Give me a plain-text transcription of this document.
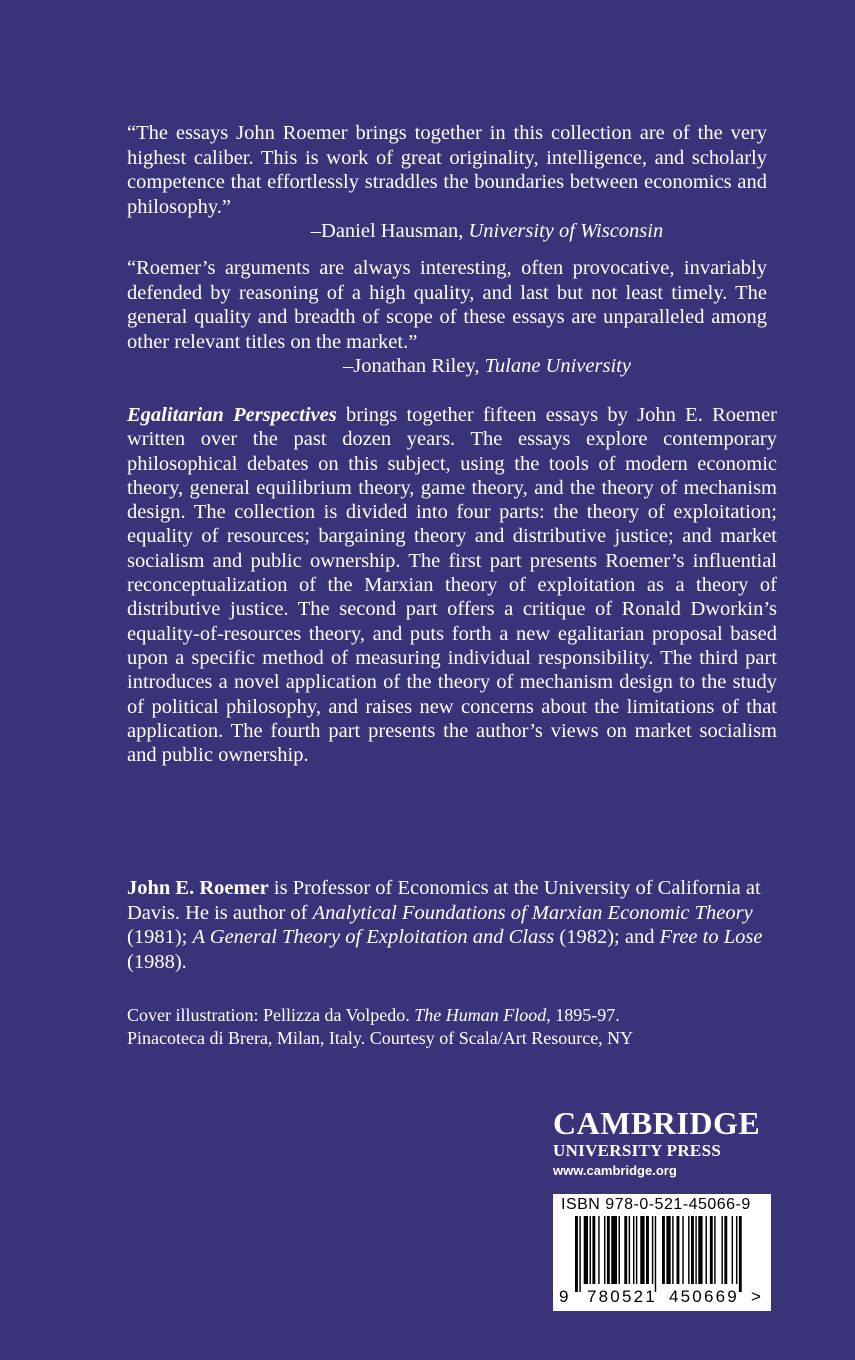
“The essays John Roemer brings together in this collection are of the very highest caliber. This is work of great originality, intelligence, and scholarly competence that effortlessly straddles the boundaries between economics and philosophy.”
–Daniel Hausman, University of Wisconsin
“Roemer’s arguments are always interesting, often provocative, invariably defended by reasoning of a high quality, and last but not least timely. The general quality and breadth of scope of these essays are unparalleled among other relevant titles on the market.”
–Jonathan Riley, Tulane University
Egalitarian Perspectives brings together fifteen essays by John E. Roemer written over the past dozen years. The essays explore contemporary philosophical debates on this subject, using the tools of modern economic theory, general equilibrium theory, game theory, and the theory of mechanism design. The collection is divided into four parts: the theory of exploitation; equality of resources; bargaining theory and distributive justice; and market socialism and public ownership. The first part presents Roemer’s influential reconceptualization of the Marxian theory of exploitation as a theory of distributive justice. The second part offers a critique of Ronald Dworkin’s equality-of-resources theory, and puts forth a new egalitarian proposal based upon a specific method of measuring individual responsibility. The third part introduces a novel application of the theory of mechanism design to the study of political philosophy, and raises new concerns about the limitations of that application. The fourth part presents the author’s views on market socialism and public ownership.
John E. Roemer is Professor of Economics at the University of California at Davis. He is author of Analytical Foundations of Marxian Economic Theory (1981); A General Theory of Exploitation and Class (1982); and Free to Lose (1988).
Cover illustration: Pellizza da Volpedo. The Human Flood, 1895-97.
Pinacoteca di Brera, Milan, Italy. Courtesy of Scala/Art Resource, NY
CAMBRIDGE
UNIVERSITY PRESS
www.cambridge.org
ISBN 978-0-521-45066-9
9 780521 450669 >
